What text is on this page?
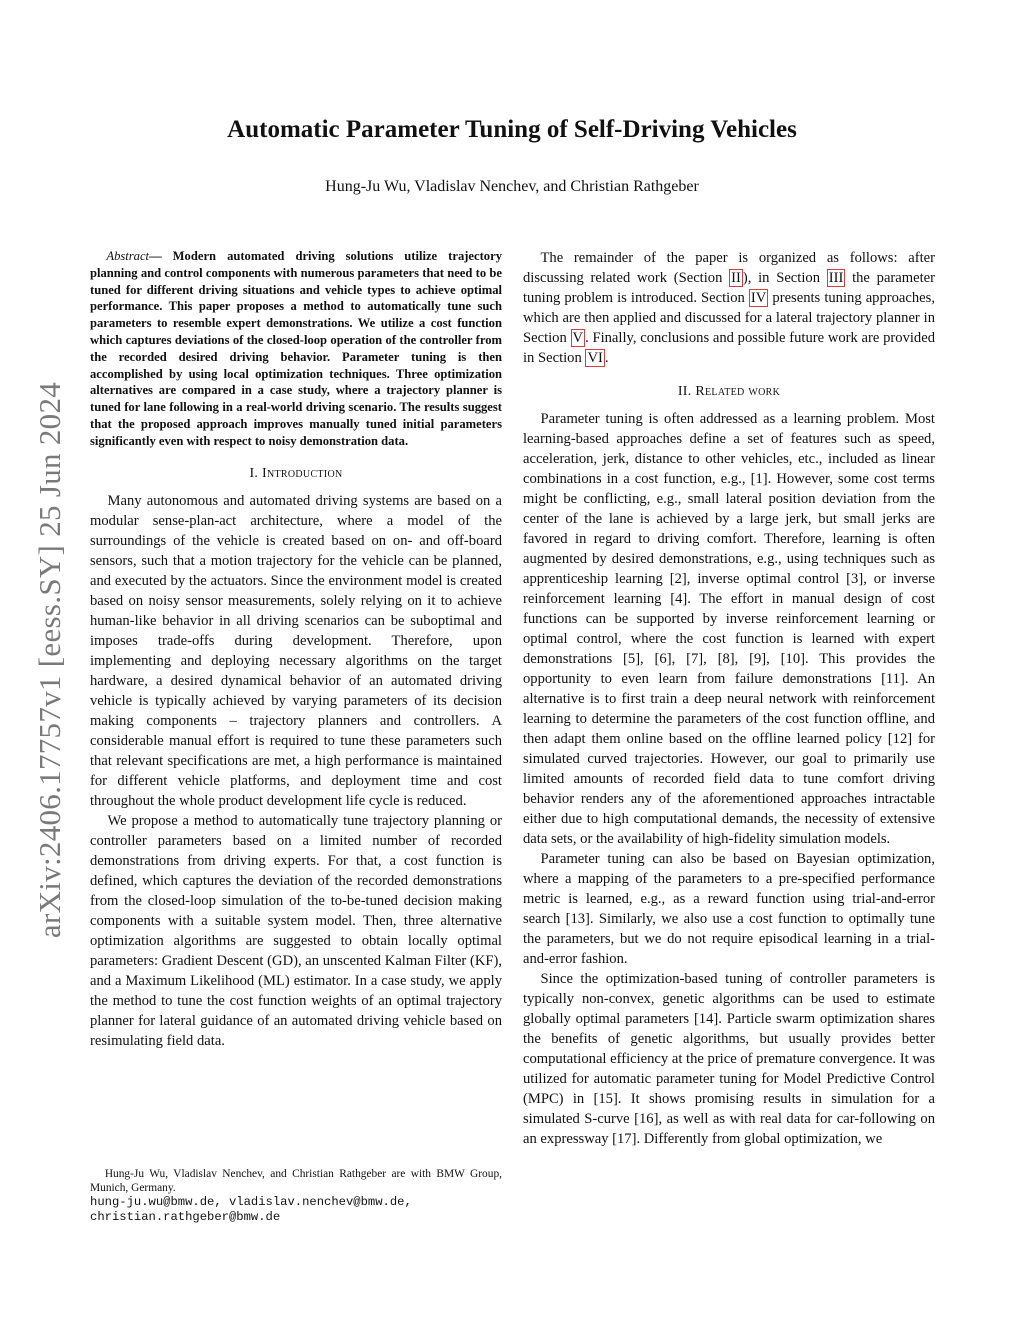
arXiv:2406.17757v1 [eess.SY] 25 Jun 2024
Automatic Parameter Tuning of Self-Driving Vehicles
Hung-Ju Wu, Vladislav Nenchev, and Christian Rathgeber

Abstract— Modern automated driving solutions utilize trajectory planning and control components with numerous parameters that need to be tuned for different driving situations and vehicle types to achieve optimal performance. This paper proposes a method to automatically tune such parameters to resemble expert demonstrations. We utilize a cost function which captures deviations of the closed-loop operation of the controller from the recorded desired driving behavior. Parameter tuning is then accomplished by using local optimization techniques. Three optimization alternatives are compared in a case study, where a trajectory planner is tuned for lane following in a real-world driving scenario. The results suggest that the proposed approach improves manually tuned initial parameters significantly even with respect to noisy demonstration data.

I. Introduction

Many autonomous and automated driving systems are based on a modular sense-plan-act architecture, where a model of the surroundings of the vehicle is created based on on- and off-board sensors, such that a motion trajectory for the vehicle can be planned, and executed by the actuators. Since the environment model is created based on noisy sensor measurements, solely relying on it to achieve human-like behavior in all driving scenarios can be suboptimal and imposes trade-offs during development. Therefore, upon implementing and deploying necessary algorithms on the target hardware, a desired dynamical behavior of an automated driving vehicle is typically achieved by varying parameters of its decision making components – trajectory planners and controllers. A considerable manual effort is required to tune these parameters such that relevant specifications are met, a high performance is maintained for different vehicle platforms, and deployment time and cost throughout the whole product development life cycle is reduced.

We propose a method to automatically tune trajectory planning or controller parameters based on a limited number of recorded demonstrations from driving experts. For that, a cost function is defined, which captures the deviation of the recorded demonstrations from the closed-loop simulation of the to-be-tuned decision making components with a suitable system model. Then, three alternative optimization algorithms are suggested to obtain locally optimal parameters: Gradient Descent (GD), an unscented Kalman Filter (KF), and a Maximum Likelihood (ML) estimator. In a case study, we apply the method to tune the cost function weights of an optimal trajectory planner for lateral guidance of an automated driving vehicle based on resimulating field data.

The remainder of the paper is organized as follows: after discussing related work (Section II ), in Section III the parameter tuning problem is introduced. Section IV presents tuning approaches, which are then applied and discussed for a lateral trajectory planner in Section V . Finally, conclusions and possible future work are provided in Section VI .

II. Related work

Parameter tuning is often addressed as a learning problem. Most learning-based approaches define a set of features such as speed, acceleration, jerk, distance to other vehicles, etc., included as linear combinations in a cost function, e.g., [1]. However, some cost terms might be conflicting, e.g., small lateral position deviation from the center of the lane is achieved by a large jerk, but small jerks are favored in regard to driving comfort. Therefore, learning is often augmented by desired demonstrations, e.g., using techniques such as apprenticeship learning [2], inverse optimal control [3], or inverse reinforcement learning [4]. The effort in manual design of cost functions can be supported by inverse reinforcement learning or optimal control, where the cost function is learned with expert demonstrations [5], [6], [7], [8], [9], [10]. This provides the opportunity to even learn from failure demonstrations [11]. An alternative is to first train a deep neural network with reinforcement learning to determine the parameters of the cost function offline, and then adapt them online based on the offline learned policy [12] for simulated curved trajectories. However, our goal to primarily use limited amounts of recorded field data to tune comfort driving behavior renders any of the aforementioned approaches intractable either due to high computational demands, the necessity of extensive data sets, or the availability of high-fidelity simulation models.

Parameter tuning can also be based on Bayesian optimization, where a mapping of the parameters to a pre-specified performance metric is learned, e.g., as a reward function using trial-and-error search [13]. Similarly, we also use a cost function to optimally tune the parameters, but we do not require episodical learning in a trial-and-error fashion.

Since the optimization-based tuning of controller parameters is typically non-convex, genetic algorithms can be used to estimate globally optimal parameters [14]. Particle swarm optimization shares the benefits of genetic algorithms, but usually provides better computational efficiency at the price of premature convergence. It was utilized for automatic parameter tuning for Model Predictive Control (MPC) in [15]. It shows promising results in simulation for a simulated S-curve [16], as well as with real data for car-following on an expressway [17]. Differently from global optimization, we

Hung-Ju Wu, Vladislav Nenchev, and Christian Rathgeber are with BMW Group, Munich, Germany.

hung-ju.wu@bmw.de, vladislav.nenchev@bmw.de, christian.rathgeber@bmw.de
